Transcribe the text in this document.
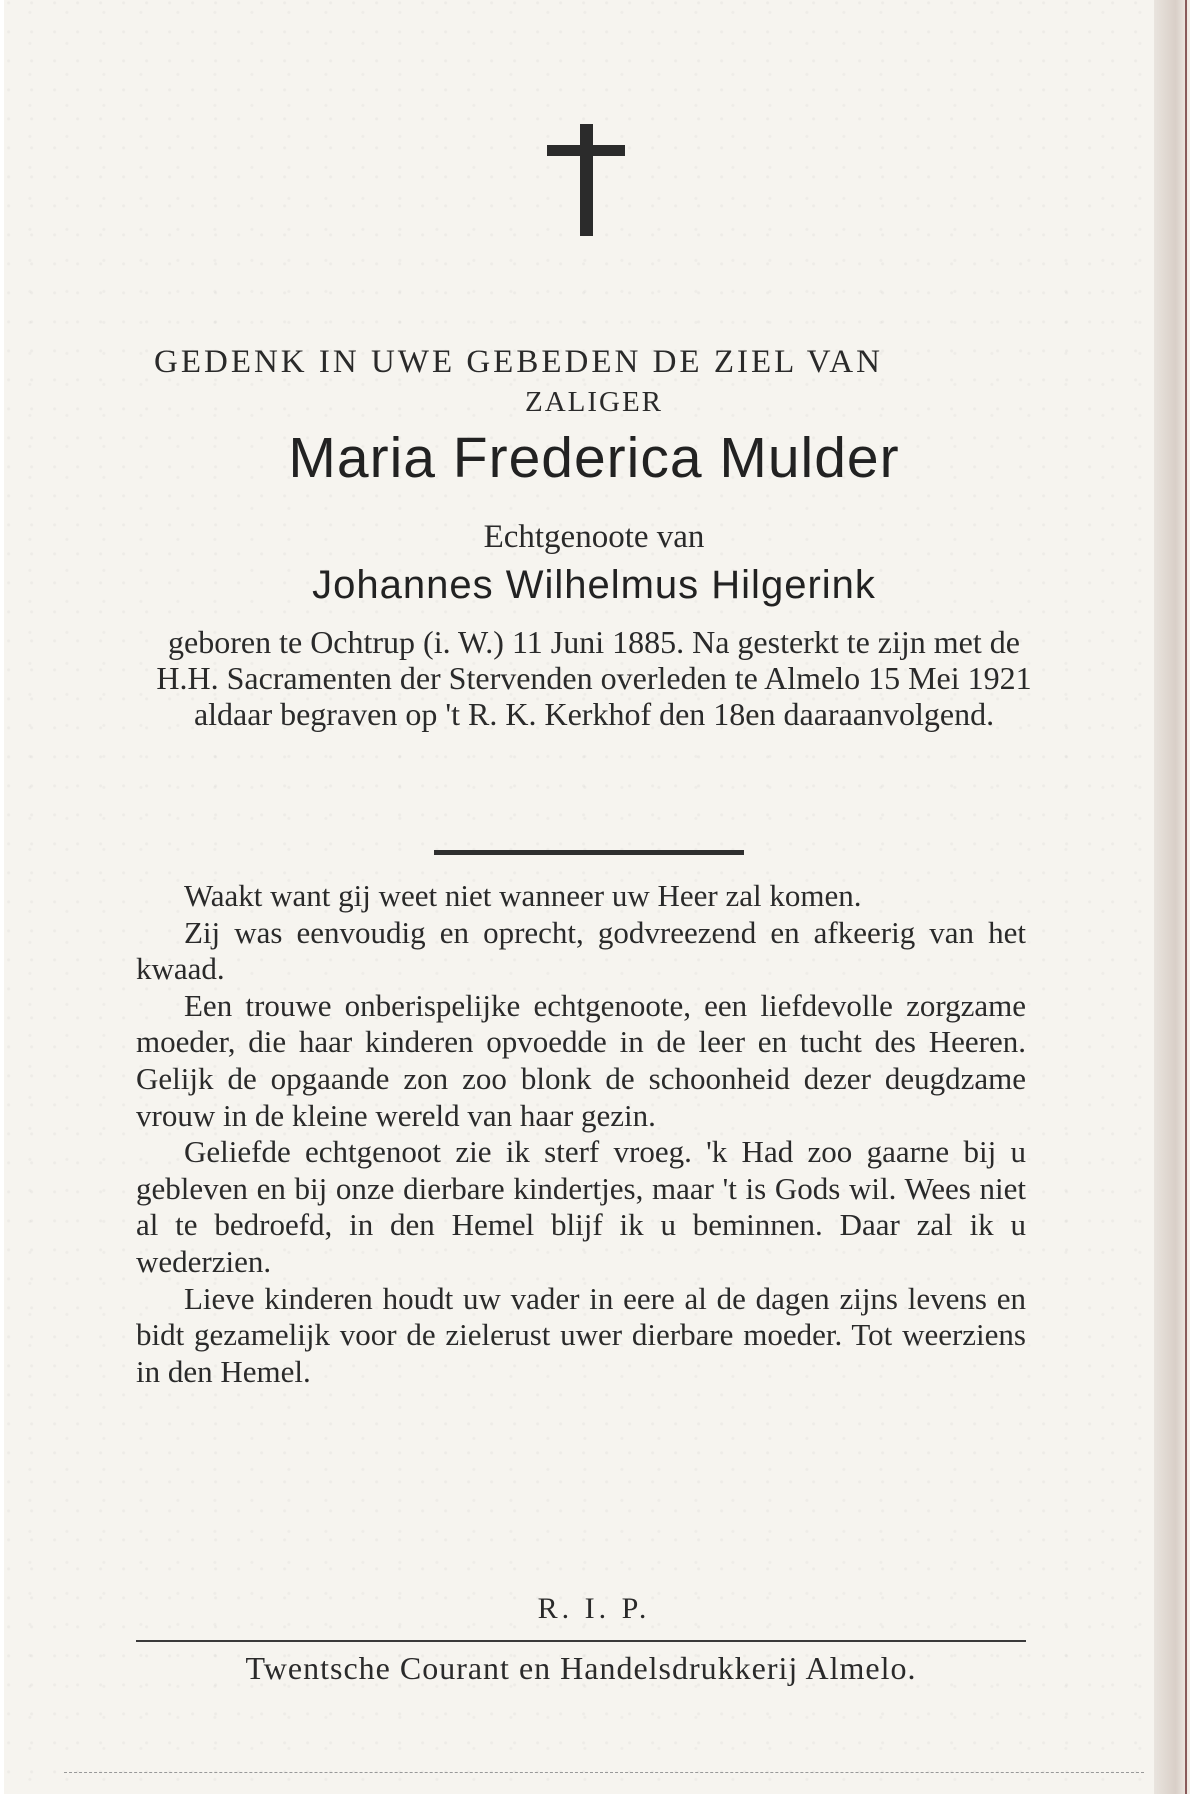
GEDENK IN UWE GEBEDEN DE ZIEL VAN
ZALIGER
Maria Frederica Mulder
Echtgenoote van
Johannes Wilhelmus Hilgerink
geboren te Ochtrup (i. W.) 11 Juni 1885. Na gesterkt te zijn met de H.H. Sacramenten der Stervenden overleden te Almelo 15 Mei 1921 aldaar begraven op 't R. K. Kerkhof den 18en daaraanvolgend.

Waakt want gij weet niet wanneer uw Heer zal komen.

Zij was eenvoudig en oprecht, godvreezend en afkeerig van het kwaad.

Een trouwe onberispelijke echtgenoote, een liefdevolle zorgzame moeder, die haar kinderen opvoedde in de leer en tucht des Heeren. Gelijk de opgaande zon zoo blonk de schoonheid dezer deugdzame vrouw in de kleine wereld van haar gezin.

Geliefde echtgenoot zie ik sterf vroeg. 'k Had zoo gaarne bij u gebleven en bij onze dierbare kindertjes, maar 't is Gods wil. Wees niet al te bedroefd, in den Hemel blijf ik u beminnen. Daar zal ik u wederzien.

Lieve kinderen houdt uw vader in eere al de dagen zijns levens en bidt gezamelijk voor de zielerust uwer dierbare moeder. Tot weerziens in den Hemel.

R. I. P.
Twentsche Courant en Handelsdrukkerij Almelo.
